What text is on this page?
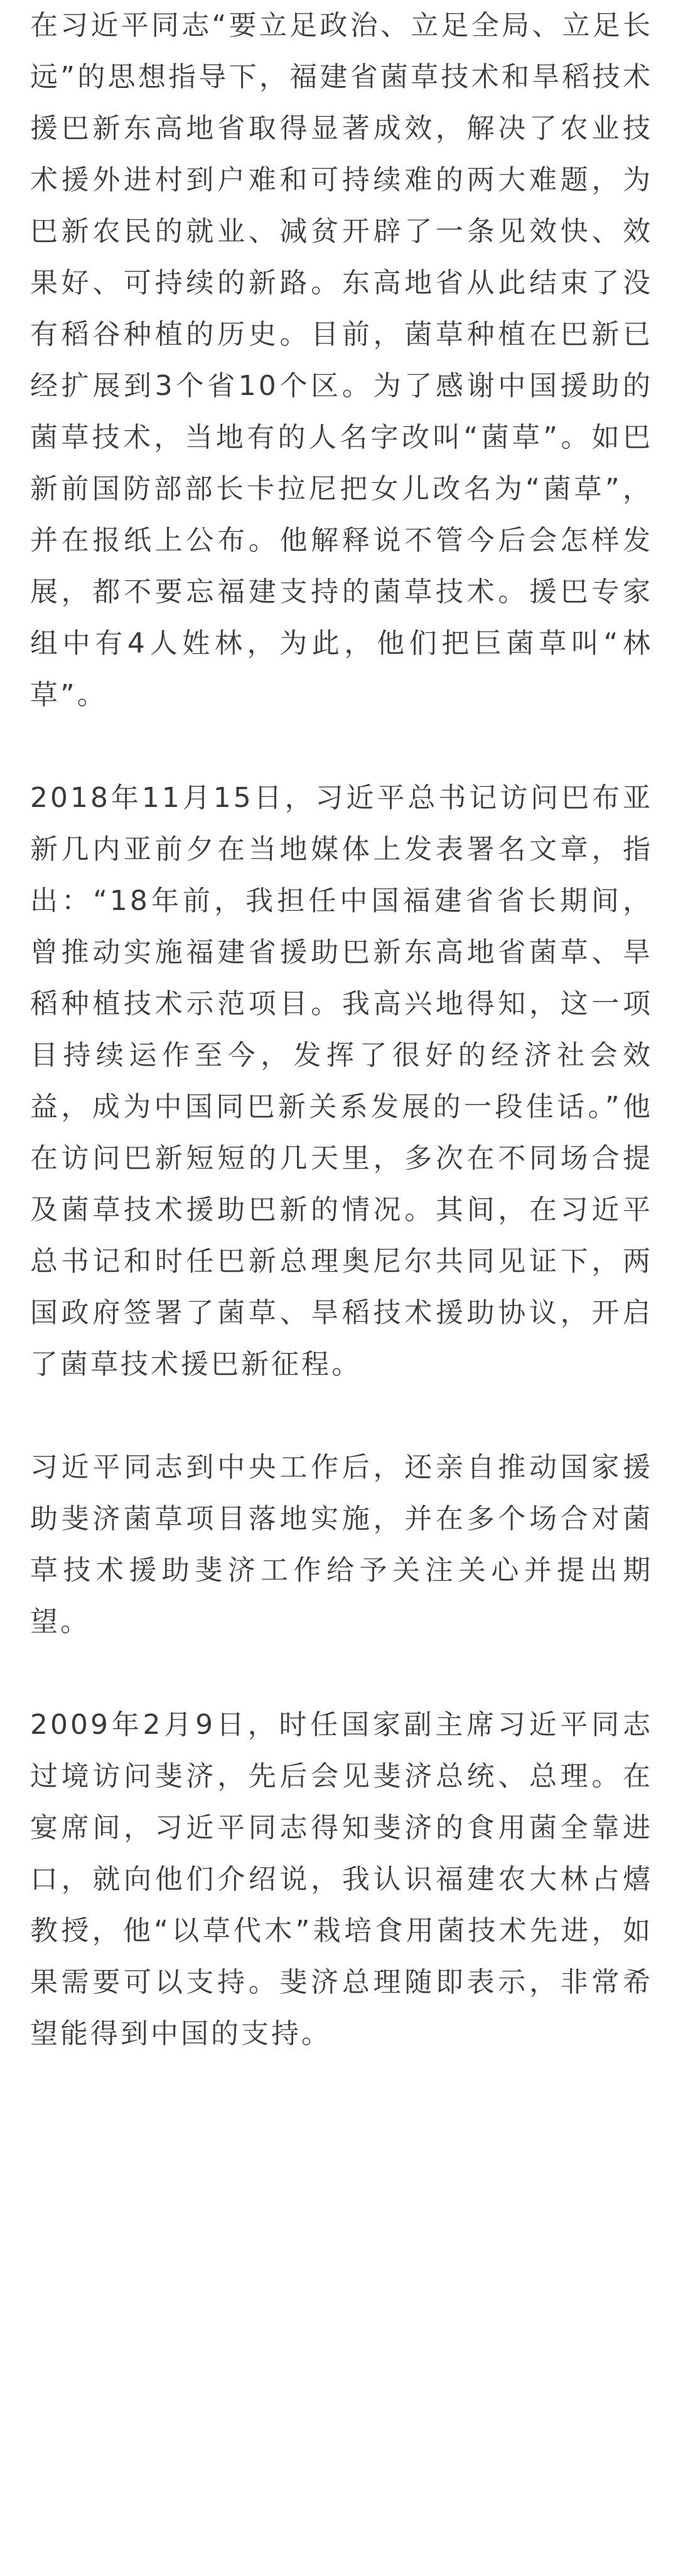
在习近平同志“要立足政治、立足全局、立足长远”的思想指导下，福建省菌草技术和旱稻技术援巴新东高地省取得显著成效，解决了农业技术援外进村到户难和可持续难的两大难题，为巴新农民的就业、减贫开辟了一条见效快、效果好、可持续的新路。东高地省从此结束了没有稻谷种植的历史。目前，菌草种植在巴新已经扩展到3个省10个区。为了感谢中国援助的菌草技术，当地有的人名字改叫“菌草”。如巴新前国防部部长卡拉尼把女儿改名为“菌草”，并在报纸上公布。他解释说不管今后会怎样发展，都不要忘福建支持的菌草技术。援巴专家组中有4人姓林，为此，他们把巨菌草叫“林草”。

2018年11月15日，习近平总书记访问巴布亚新几内亚前夕在当地媒体上发表署名文章，指出：“18年前，我担任中国福建省省长期间，曾推动实施福建省援助巴新东高地省菌草、旱稻种植技术示范项目。我高兴地得知，这一项目持续运作至今，发挥了很好的经济社会效益，成为中国同巴新关系发展的一段佳话。”他在访问巴新短短的几天里，多次在不同场合提及菌草技术援助巴新的情况。其间，在习近平总书记和时任巴新总理奥尼尔共同见证下，两国政府签署了菌草、旱稻技术援助协议，开启了菌草技术援巴新征程。

习近平同志到中央工作后，还亲自推动国家援助斐济菌草项目落地实施，并在多个场合对菌草技术援助斐济工作给予关注关心并提出期望。

2009年2月9日，时任国家副主席习近平同志过境访问斐济，先后会见斐济总统、总理。在宴席间，习近平同志得知斐济的食用菌全靠进口，就向他们介绍说，我认识福建农大林占熺教授，他“以草代木”栽培食用菌技术先进，如果需要可以支持。斐济总理随即表示，非常希望能得到中国的支持。
